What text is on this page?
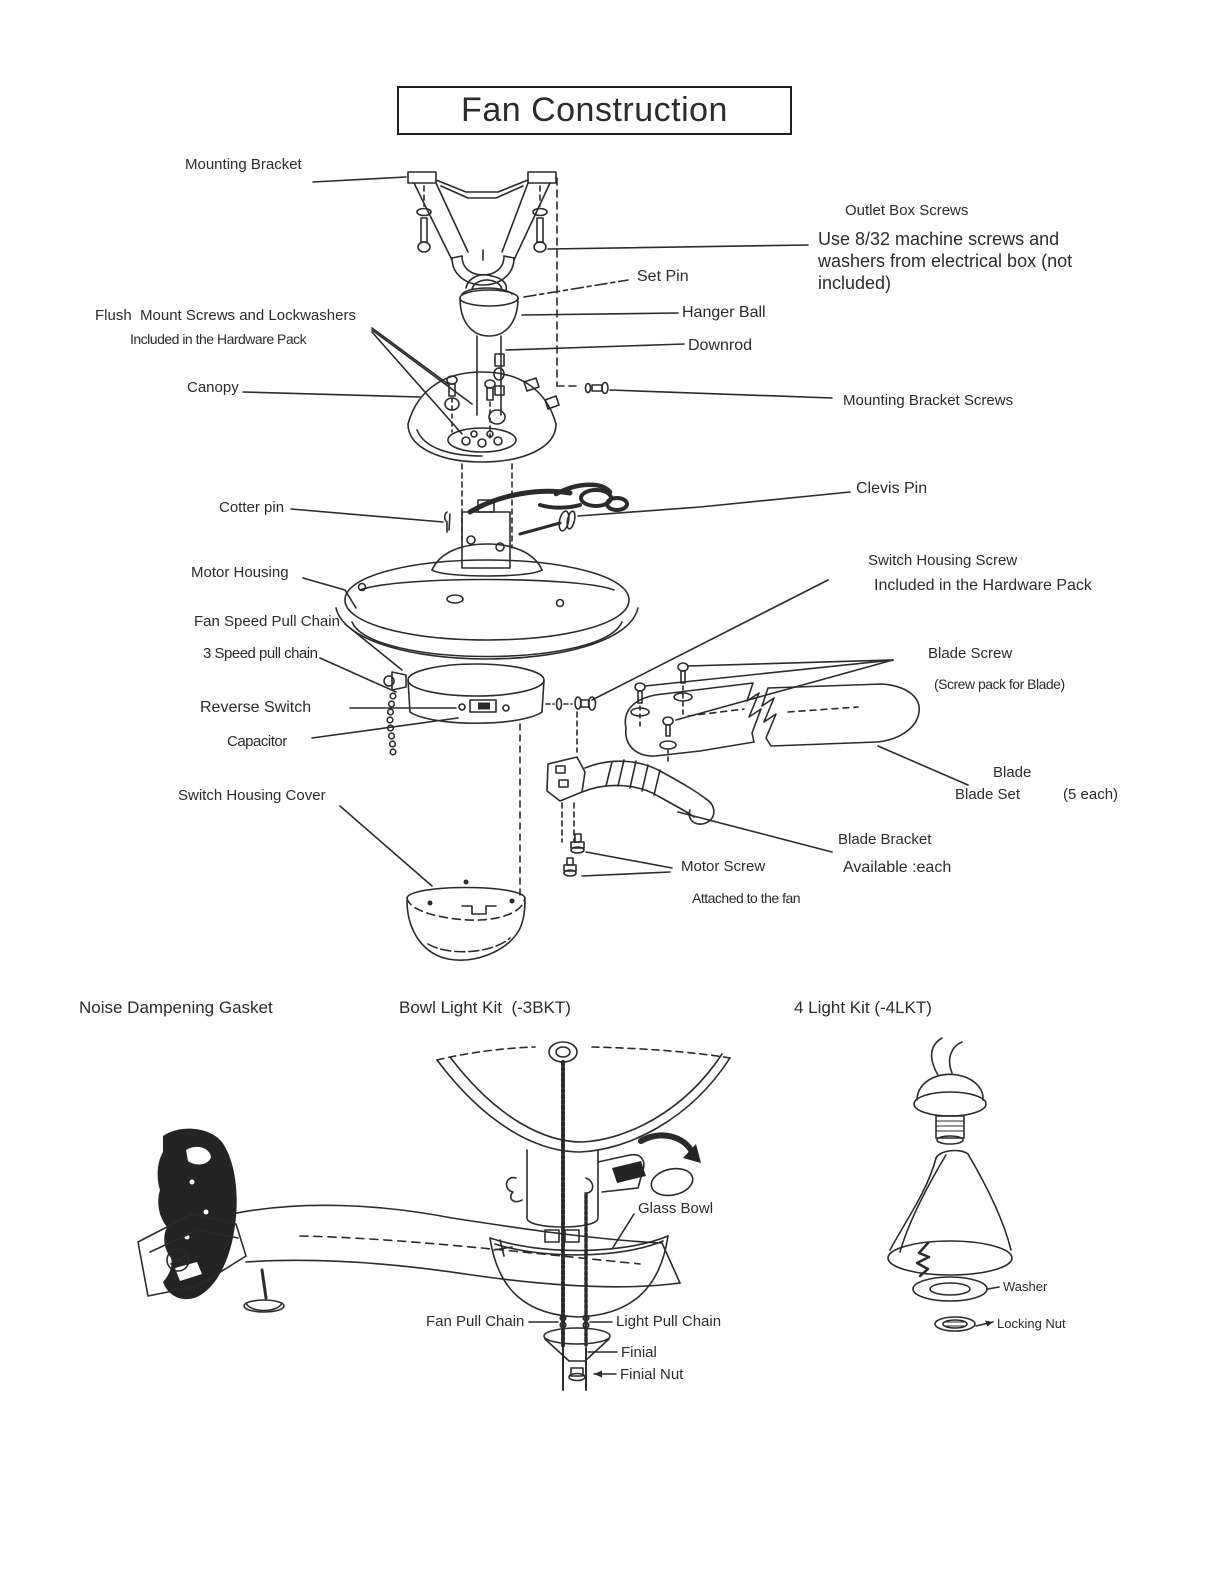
Fan Construction
Mounting Bracket
Outlet Box Screws
Use 8/32 machine screws and washers from electrical box (not included)
Set Pin
Hanger Ball
Downrod
Flush  Mount Screws and Lockwashers
Included in the Hardware Pack
Canopy
Mounting Bracket Screws
Cotter pin
Clevis Pin
Motor Housing
Switch Housing Screw
Included in the Hardware Pack
Fan Speed Pull Chain
3 Speed pull chain	Blade Screw
(Screw pack for Blade)
Reverse Switch
Capacitor
Blade
Blade Set	(5 each)
Switch Housing Cover
Blade Bracket
Available :each
Motor Screw
Attached to the fan
Noise Dampening Gasket	Bowl Light Kit  (-3BKT)	4 Light Kit (-4LKT)
Glass Bowl
Fan Pull Chain	Light Pull Chain
Finial
Finial Nut
Washer
Locking Nut
